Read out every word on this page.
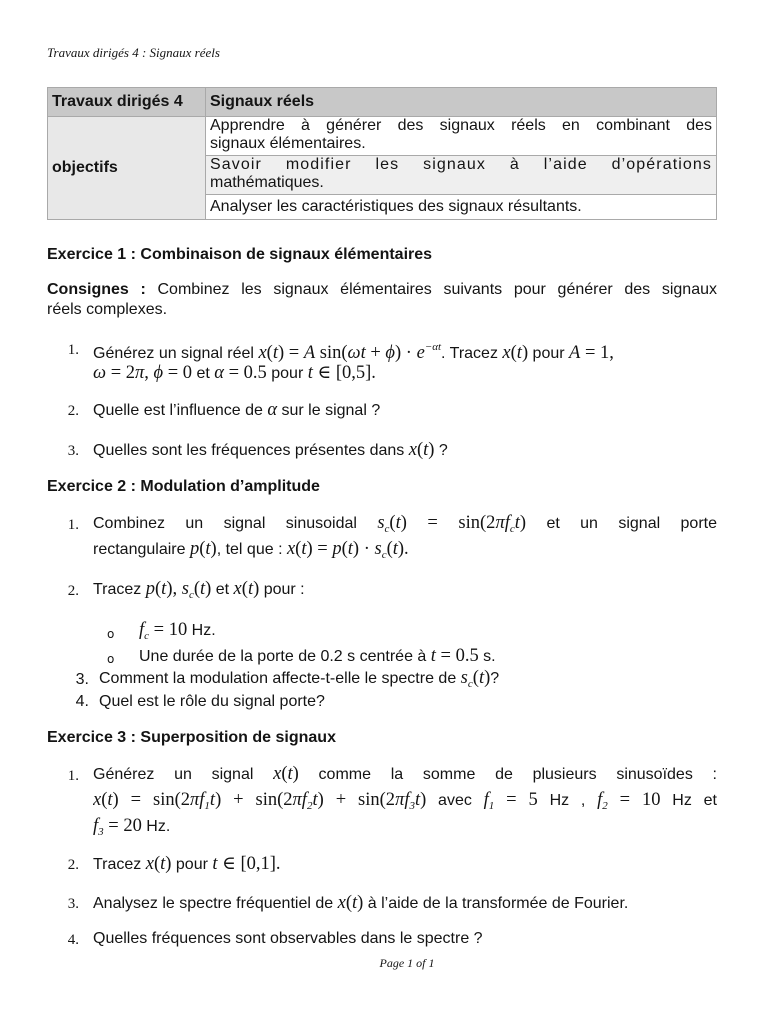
Travaux dirigés 4 : Signaux réels
Travaux dirigés 4	Signaux réels
objectifs	Apprendre à générer des signaux réels en combinant des
signaux élémentaires.

	Savoir modifier les signaux à l’aide d’opérations
mathématiques.

	Analyser les caractéristiques des signaux résultants.
Exercice 1 : Combinaison de signaux élémentaires
Consignes : Combinez les signaux élémentaires suivants pour générer des signaux
réels complexes.
1. Générez un signal réel x(t) = A $\sin(\omega t + \phi) \cdot e^{-\alpha t}$. Tracez x(t) pour A = 1,
ω = 2π, ϕ = 0 et α = 0.5 pour t ∈ [0,5].
2. Quelle est l’influence de α sur le signal ?
3. Quelles sont les fréquences présentes dans x(t) ?
Exercice 2 : Modulation d’amplitude
1. Combinez un signal sinusoidal $s_c(t) = \sin(2\pi f_ct)$ et un signal porte
rectangulaire p(t), tel que : $x(t) = p(t) \cdot s_c(t)$.
2. Tracez p(t), $s_c(t)$ et x(t) pour :
o $f_c = 10$ Hz.
o Une durée de la porte de 0.2 s centrée à t = 0.5 s.
3. Comment la modulation affecte-t-elle le spectre de $s_c(t)$?
4. Quel est le rôle du signal porte?
Exercice 3 : Superposition de signaux
1. Générez un signal x(t) comme la somme de plusieurs sinusoïdes :
$x(t) = \sin(2\pi f_1t) + \sin(2\pi f_2t) + \sin(2\pi f_3t)$ avec $f_1 = 5$ Hz , $f_2 = 10$ Hz et
$f_3 = 20$ Hz.
2. Tracez x(t) pour t ∈ [0,1].
3. Analysez le spectre fréquentiel de x(t) à l’aide de la transformée de Fourier.
4. Quelles fréquences sont observables dans le spectre ?
Page 1 of 1
